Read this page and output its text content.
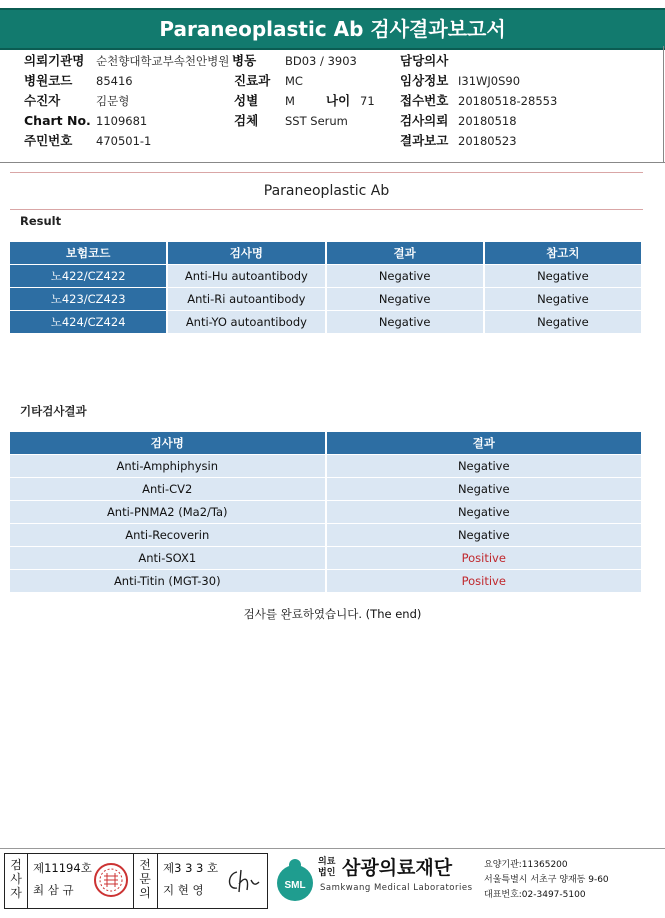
Paraneoplastic Ab 검사결과보고서
의뢰기관명 순천향대학교부속천안병원 병동	BD03 / 3903	담당의사
병원코드 85416	진료과 MC	임상정보 I31WJ0S90
수진자	김문형	성별 M 나이 71 접수번호 20180518-28553
Chart No. 1109681	검체 SST Serum	검사의뢰 20180518
주민번호 470501-1	결과보고 20180523
Paraneoplastic Ab
Result
보험코드	검사명	결과	참고치
노422/CZ422	Anti-Hu autoantibody	Negative	Negative
노423/CZ423	Anti-Ri autoantibody	Negative	Negative
노424/CZ424	Anti-YO autoantibody	Negative	Negative
기타검사결과
검사명	결과
Anti-Amphiphysin	Negative
Anti-CV2	Negative
Anti-PNMA2 (Ma2/Ta)	Negative
Anti-Recoverin	Negative
Anti-SOX1	Positive
Anti-Titin (MGT-30)	Positive
검사를 완료하였습니다. (The end)
검사자
제11194호
최 삼 규
전문의
제3 3 3 호
지 현 영	SML
의료법인 삼광의료재단
Samkwang Medical Laboratories
요양기관:11365200
서울특별시 서초구 양재동 9-60
대표번호:02-3497-5100
